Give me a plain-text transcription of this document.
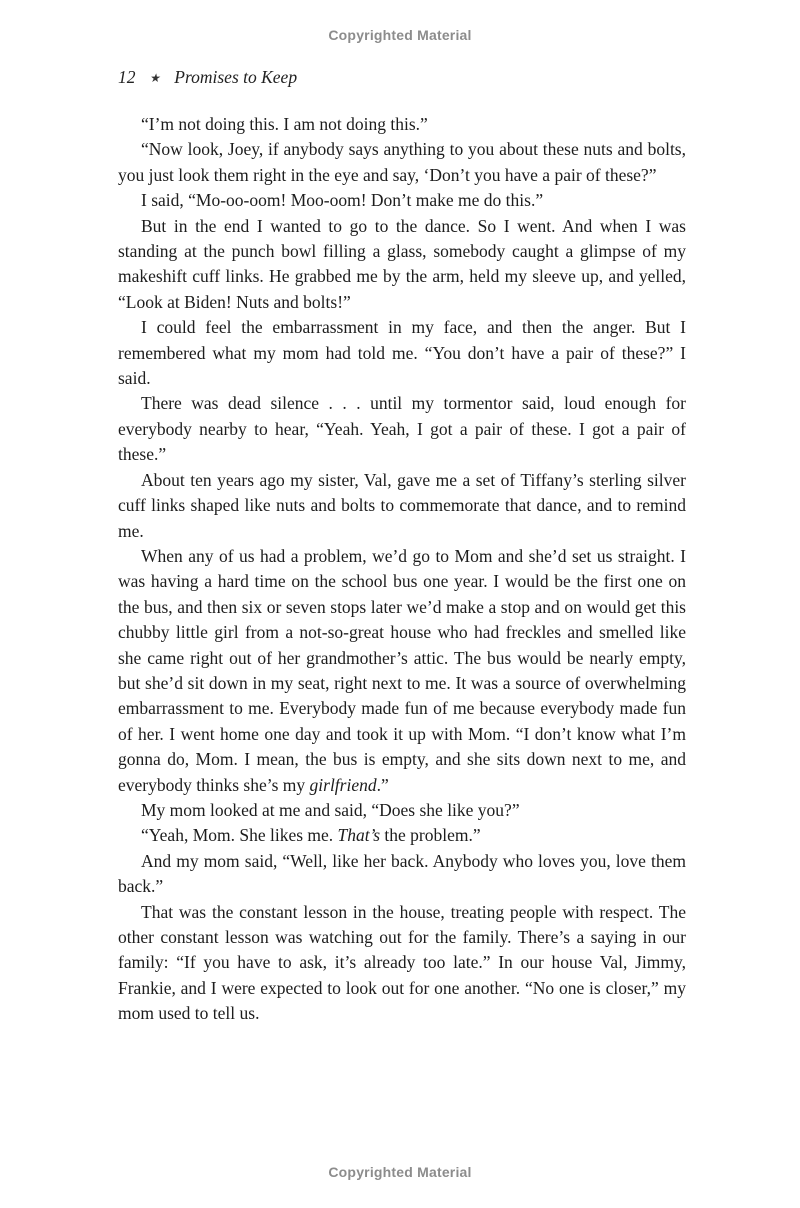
Copyrighted Material
12 ★ Promises to Keep

“I’m not doing this. I am not doing this.”

“Now look, Joey, if anybody says anything to you about these nuts and bolts, you just look them right in the eye and say, ‘Don’t you have a pair of these?”

I said, “Mo-oo-oom! Moo-oom! Don’t make me do this.”

But in the end I wanted to go to the dance. So I went. And when I was standing at the punch bowl filling a glass, somebody caught a glimpse of my makeshift cuff links. He grabbed me by the arm, held my sleeve up, and yelled, “Look at Biden! Nuts and bolts!”

I could feel the embarrassment in my face, and then the anger. But I remembered what my mom had told me. “You don’t have a pair of these?” I said.

There was dead silence . . . until my tormentor said, loud enough for everybody nearby to hear, “Yeah. Yeah, I got a pair of these. I got a pair of these.”

About ten years ago my sister, Val, gave me a set of Tiffany’s sterling silver cuff links shaped like nuts and bolts to commemorate that dance, and to remind me.

When any of us had a problem, we’d go to Mom and she’d set us straight. I was having a hard time on the school bus one year. I would be the first one on the bus, and then six or seven stops later we’d make a stop and on would get this chubby little girl from a not-so-great house who had freckles and smelled like she came right out of her grandmother’s attic. The bus would be nearly empty, but she’d sit down in my seat, right next to me. It was a source of overwhelming embarrassment to me. Everybody made fun of me because everybody made fun of her. I went home one day and took it up with Mom. “I don’t know what I’m gonna do, Mom. I mean, the bus is empty, and she sits down next to me, and everybody thinks she’s my girlfriend.”

My mom looked at me and said, “Does she like you?”

“Yeah, Mom. She likes me. That’s the problem.”

And my mom said, “Well, like her back. Anybody who loves you, love them back.”

That was the constant lesson in the house, treating people with respect. The other constant lesson was watching out for the family. There’s a saying in our family: “If you have to ask, it’s already too late.” In our house Val, Jimmy, Frankie, and I were expected to look out for one another. “No one is closer,” my mom used to tell us.

Copyrighted Material
